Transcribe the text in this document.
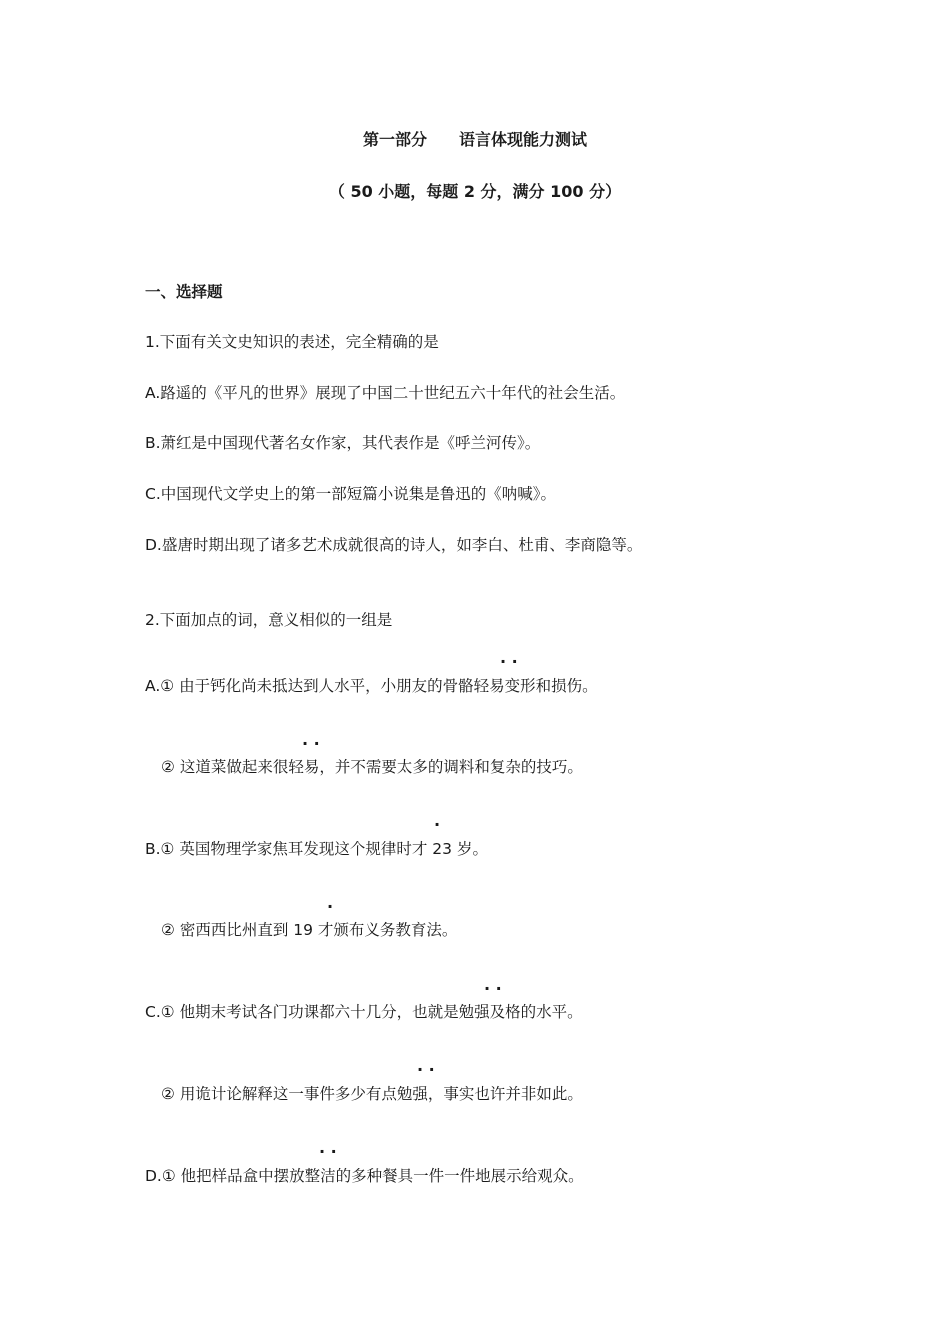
第一部分 语言体现能力测试
（ 50 小题，每题 2 分，满分 100 分）
一、选择题
1.下面有关文史知识的表述，完全精确的是
A.路遥的《平凡的世界》展现了中国二十世纪五六十年代的社会生活。
B.萧红是中国现代著名女作家，其代表作是《呼兰河传》。
C.中国现代文学史上的第一部短篇小说集是鲁迅的《呐喊》。
D.盛唐时期出现了诸多艺术成就很高的诗人，如李白、杜甫、李商隐等。
2.下面加点的词，意义相似的一组是
· ·
A.① 由于钙化尚未抵达到人水平，小朋友的骨骼轻易变形和损伤。
· ·
② 这道菜做起来很轻易，并不需要太多的调料和复杂的技巧。
·
B.① 英国物理学家焦耳发现这个规律时才 23 岁。
·
② 密西西比州直到 19 才颁布义务教育法。
· ·
C.① 他期末考试各门功课都六十几分，也就是勉强及格的水平。
· ·
② 用诡计论解释这一事件多少有点勉强，事实也许并非如此。
· ·
D.① 他把样品盒中摆放整洁的多种餐具一件一件地展示给观众。
